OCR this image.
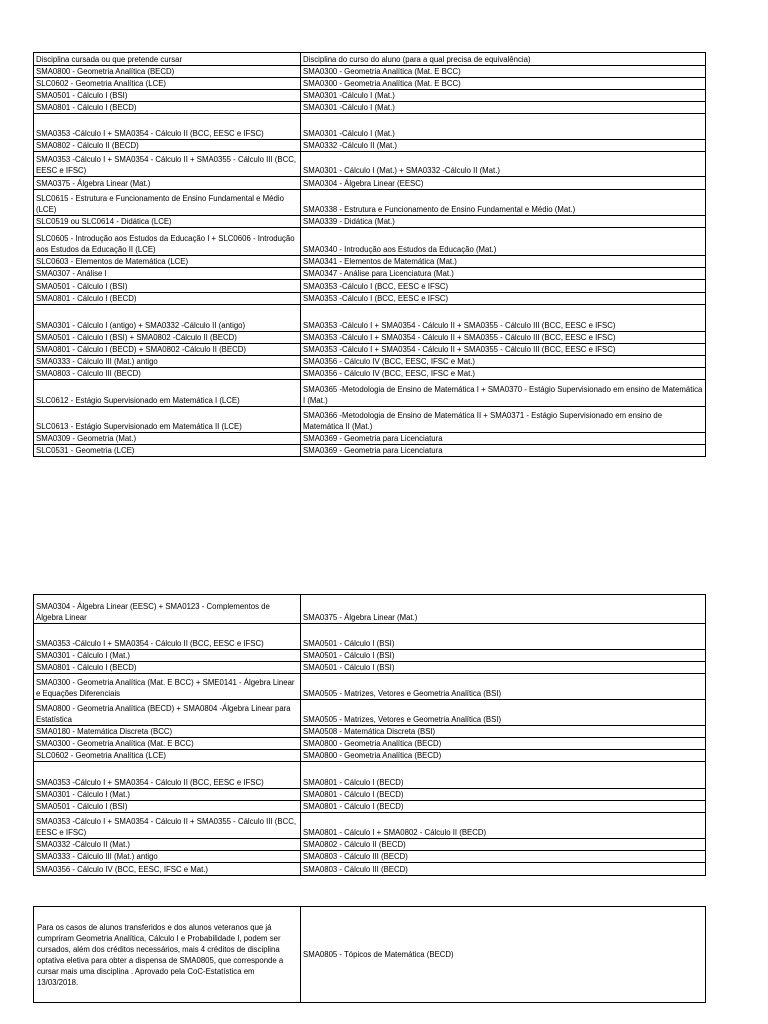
Disciplina cursada ou que pretende cursar	Disciplina do curso do aluno (para a qual precisa de equivalência)
SMA0800 - Geometria Analítica (BECD)	SMA0300 - Geometria Analítica (Mat. E BCC)
SLC0602 - Geometria Analítica (LCE)	SMA0300 - Geometria Analítica (Mat. E BCC)
SMA0501 - Cálculo I (BSI)	SMA0301 -Cálculo I (Mat.)
SMA0801 - Cálculo I (BECD)	SMA0301 -Cálculo I (Mat.)
SMA0353 -Cálculo I + SMA0354 - Cálculo II (BCC, EESC e IFSC)	SMA0301 -Cálculo I (Mat.)
SMA0802 - Cálculo II (BECD)	SMA0332 -Cálculo II (Mat.)
SMA0353 -Cálculo I + SMA0354 - Cálculo II + SMA0355 - Cálculo III (BCC, EESC e IFSC)	SMA0301 - Cálculo I (Mat.) + SMA0332 -Cálculo II (Mat.)
SMA0375 - Álgebra Linear (Mat.)	SMA0304 - Álgebra Linear (EESC)
SLC0615 - Estrutura e Funcionamento de Ensino Fundamental e Médio (LCE)	SMA0338 - Estrutura e Funcionamento de Ensino Fundamental e Médio (Mat.)
SLC0519 ou SLC0614 - Didática (LCE)	SMA0339 - Didática (Mat.)
SLC0605 - Introdução aos Estudos da Educação I + SLC0606 - Introdução aos Estudos da Educação II (LCE)	SMA0340 - Introdução aos Estudos da Educação (Mat.)
SLC0603 - Elementos de Matemática (LCE)	SMA0341 - Elementos de Matemática (Mat.)
SMA0307 - Análise I	SMA0347 - Análise para Licenciatura (Mat.)
SMA0501 - Cálculo I (BSI)	SMA0353 -Cálculo I (BCC, EESC e IFSC)
SMA0801 - Cálculo I (BECD)	SMA0353 -Cálculo I (BCC, EESC e IFSC)
SMA0301 - Cálculo I (antigo) + SMA0332 -Cálculo II (antigo)	SMA0353 -Cálculo I + SMA0354 - Cálculo II + SMA0355 - Cálculo III (BCC, EESC e IFSC)
SMA0501 - Cálculo I (BSI) + SMA0802 -Cálculo II (BECD)	SMA0353 -Cálculo I + SMA0354 - Cálculo II + SMA0355 - Cálculo III (BCC, EESC e IFSC)
SMA0801 - Cálculo I (BECD) + SMA0802 -Cálculo II (BECD)	SMA0353 -Cálculo I + SMA0354 - Cálculo II + SMA0355 - Cálculo III (BCC, EESC e IFSC)
SMA0333 - Cálculo III (Mat.) antigo	SMA0356 - Cálculo IV (BCC, EESC, IFSC e Mat.)
SMA0803 - Cálculo III (BECD)	SMA0356 - Cálculo IV (BCC, EESC, IFSC e Mat.)
SLC0612 - Estágio Supervisionado em Matemática I (LCE)	SMA0365 -Metodologia de Ensino de Matemática I + SMA0370 - Estágio Supervisionado em ensino de Matemática I (Mat.)
SLC0613 - Estágio Supervisionado em Matemática II (LCE)	SMA0366 -Metodologia de Ensino de Matemática II + SMA0371 - Estágio Supervisionado em ensino de Matemática II (Mat.)
SMA0309 - Geometria (Mat.)	SMA0369 - Geometria para Licenciatura
SLC0531 - Geometria (LCE)	SMA0369 - Geometria para Licenciatura
SMA0304 - Álgebra Linear (EESC) + SMA0123 - Complementos de Álgebra Linear	SMA0375 - Álgebra Linear (Mat.)
SMA0353 -Cálculo I + SMA0354 - Cálculo II (BCC, EESC e IFSC)	SMA0501 - Cálculo I (BSI)
SMA0301 - Cálculo I (Mat.)	SMA0501 - Cálculo I (BSI)
SMA0801 - Cálculo I (BECD)	SMA0501 - Cálculo I (BSI)
SMA0300 - Geometria Analítica (Mat. E BCC) + SME0141 - Álgebra Linear e Equações Diferenciais	SMA0505 - Matrizes, Vetores e Geometria Analítica (BSI)
SMA0800 - Geometria Analítica (BECD) + SMA0804 -Álgebra Linear para Estatística	SMA0505 - Matrizes, Vetores e Geometria Analítica (BSI)
SMA0180 - Matemática Discreta (BCC)	SMA0508 - Matemática Discreta (BSI)
SMA0300 - Geometria Analítica (Mat. E BCC)	SMA0800 - Geometria Analítica (BECD)
SLC0602 - Geometria Analítica (LCE)	SMA0800 - Geometria Analítica (BECD)
SMA0353 -Cálculo I + SMA0354 - Cálculo II (BCC, EESC e IFSC)	SMA0801 - Cálculo I (BECD)
SMA0301 - Cálculo I (Mat.)	SMA0801 - Cálculo I (BECD)
SMA0501 - Cálculo I (BSI)	SMA0801 - Cálculo I (BECD)
SMA0353 -Cálculo I + SMA0354 - Cálculo II + SMA0355 - Cálculo III (BCC, EESC e IFSC)	SMA0801 - Cálculo I + SMA0802 - Cálculo II (BECD)
SMA0332 -Cálculo II (Mat.)	SMA0802 - Cálculo II (BECD)
SMA0333 - Cálculo III (Mat.) antigo	SMA0803 - Cálculo III (BECD)
SMA0356 - Cálculo IV (BCC, EESC, IFSC e Mat.)	SMA0803 - Cálculo III (BECD)
Para os casos de alunos transferidos e dos alunos veteranos que já cumpriram Geometria Analítica, Cálculo I e Probabilidade I, podem ser cursados, além dos créditos necessários, mais 4 créditos de disciplina optativa eletiva para obter a dispensa de SMA0805, que corresponde a cursar mais uma disciplina . Aprovado pela CoC-Estatística em 13/03/2018.	SMA0805 - Tópicos de Matemática (BECD)
